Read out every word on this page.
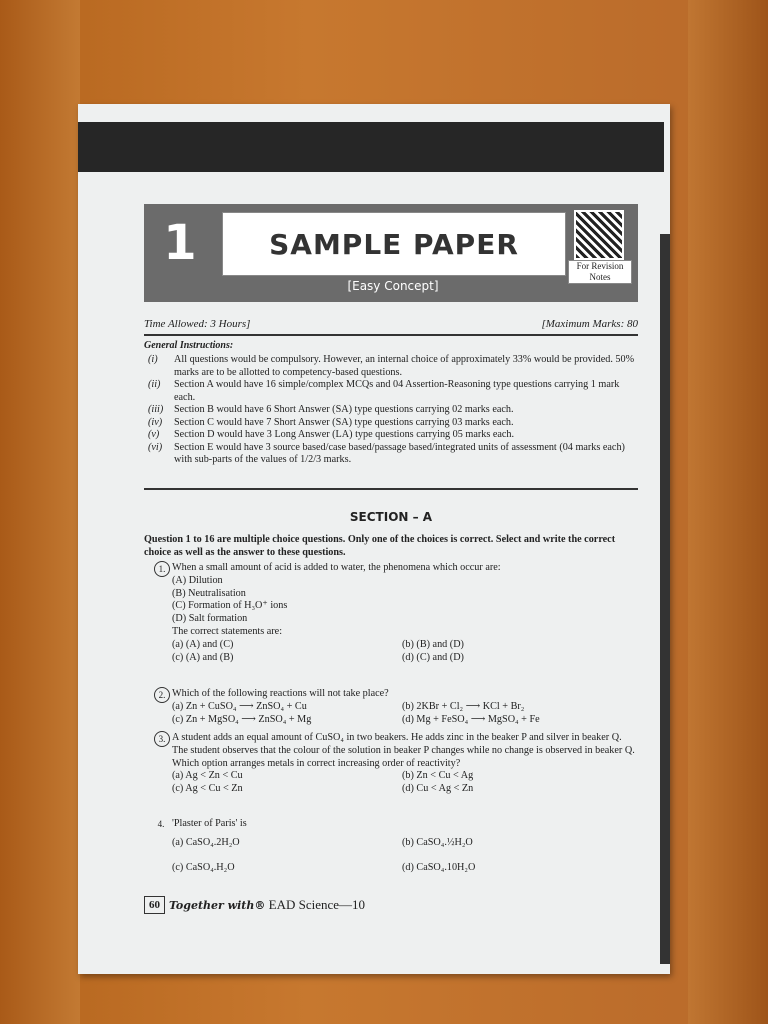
1	SAMPLE PAPER
[Easy Concept]
For Revision Notes
Time Allowed: 3 Hours]	[Maximum Marks: 80
General Instructions:
(i) All questions would be compulsory. However, an internal choice of approximately 33% would be provided. 50% marks are to be allotted to competency-based questions.
(ii) Section A would have 16 simple/complex MCQs and 04 Assertion-Reasoning type questions carrying 1 mark each.
(iii) Section B would have 6 Short Answer (SA) type questions carrying 02 marks each.
(iv) Section C would have 7 Short Answer (SA) type questions carrying 03 marks each.
(v) Section D would have 3 Long Answer (LA) type questions carrying 05 marks each.
(vi) Section E would have 3 source based/case based/passage based/integrated units of assessment (04 marks each) with sub-parts of the values of 1/2/3 marks.
SECTION – A
Question 1 to 16 are multiple choice questions. Only one of the choices is correct. Select and write the correct choice as well as the answer to these questions.
1. When a small amount of acid is added to water, the phenomena which occur are:
(A) Dilution
(B) Neutralisation
(C) Formation of H₃O⁺ ions
(D) Salt formation
The correct statements are:
(a) (A) and (C)	(b) (B) and (D)
(c) (A) and (B)	(d) (C) and (D)
2. Which of the following reactions will not take place?
(a) Zn + CuSO₄ ⟶ ZnSO₄ + Cu	(b) 2KBr + Cl₂ ⟶ KCl + Br₂
(c) Zn + MgSO₄ ⟶ ZnSO₄ + Mg	(d) Mg + FeSO₄ ⟶ MgSO₄ + Fe
3. A student adds an equal amount of CuSO₄ in two beakers. He adds zinc in the beaker P and silver in beaker Q. The student observes that the colour of the solution in beaker P changes while no change is observed in beaker Q. Which option arranges metals in correct increasing order of reactivity?
(a) Ag < Zn < Cu	(b) Zn < Cu < Ag
(c) Ag < Cu < Zn	(d) Cu < Ag < Zn
4. 'Plaster of Paris' is
(a) CaSO₄.2H₂O	(b) CaSO₄.½H₂O
(c) CaSO₄.H₂O	(d) CaSO₄.10H₂O
60 Together with® EAD Science—10
